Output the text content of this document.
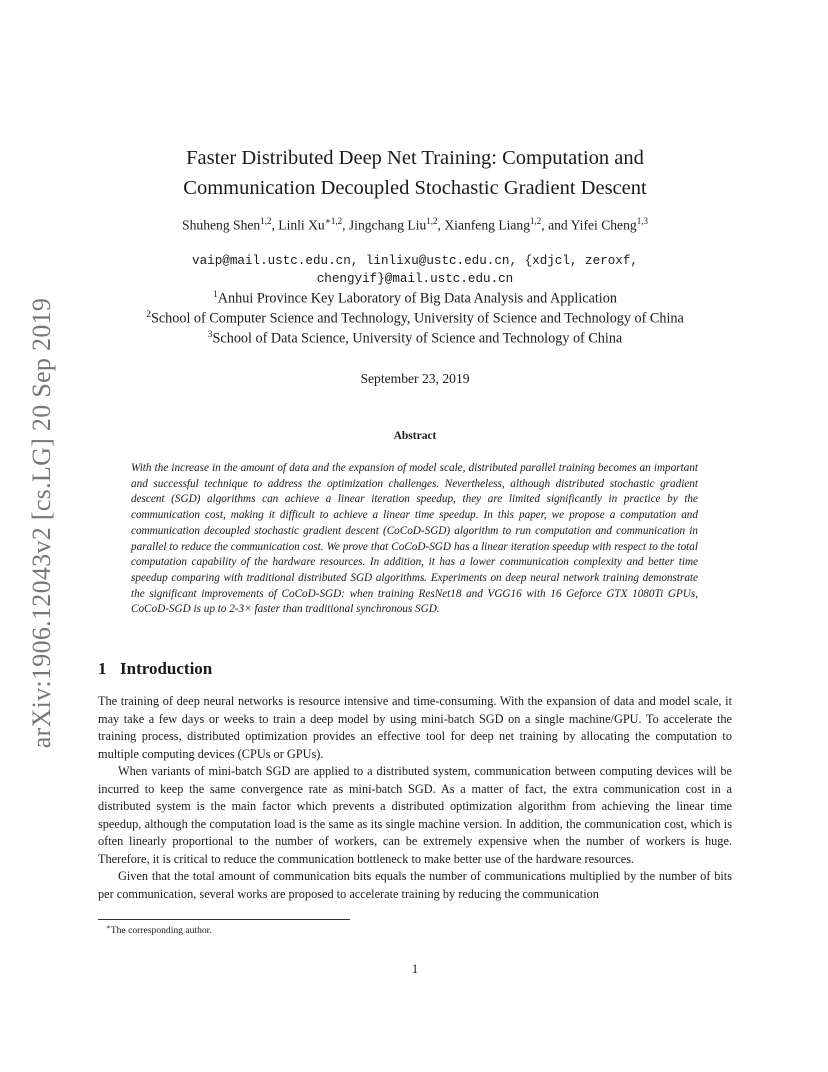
arXiv:1906.12043v2 [cs.LG] 20 Sep 2019
Faster Distributed Deep Net Training: Computation and
Communication Decoupled Stochastic Gradient Descent
Shuheng Shen$^{1,2}$, Linli $Xu^{∗1,2}$, Jingchang Liu$^{1,2}$, Xianfeng Liang$^{1,2}$, and Yifei Cheng$^{1,3}$
vaip@mail.ustc.edu.cn, linlixu@ustc.edu.cn, {xdjcl, zeroxf,
chengyif}@mail.ustc.edu.cn
$^1$Anhui Province Key Laboratory of Big Data Analysis and Application
$^2$School of Computer Science and Technology, University of Science and Technology of China
$^3$School of Data Science, University of Science and Technology of China
September 23, 2019
Abstract

With the increase in the amount of data and the expansion of model scale, distributed parallel training becomes an important and successful technique to address the optimization challenges. Nevertheless, although distributed stochastic gradient descent (SGD) algorithms can achieve a linear iteration speedup, they are limited significantly in practice by the communication cost, making it difficult to achieve a linear time speedup. In this paper, we propose a computation and communication decoupled stochastic gradient descent (CoCoD-SGD) algorithm to run computation and communication in parallel to reduce the communication cost. We prove that CoCoD-SGD has a linear iteration speedup with respect to the total computation capability of the hardware resources. In addition, it has a lower communication complexity and better time speedup comparing with traditional distributed SGD algorithms. Experiments on deep neural network training demonstrate the significant improvements of CoCoD-SGD: when training ResNet18 and VGG16 with 16 Geforce GTX 1080Ti GPUs, CoCoD-SGD is up to 2-3× faster than traditional synchronous SGD.

1 Introduction

The training of deep neural networks is resource intensive and time-consuming. With the expansion of data and model scale, it may take a few days or weeks to train a deep model by using mini-batch SGD on a single machine/GPU. To accelerate the training process, distributed optimization provides an effective tool for deep net training by allocating the computation to multiple computing devices (CPUs or GPUs).

When variants of mini-batch SGD are applied to a distributed system, communication between computing devices will be incurred to keep the same convergence rate as mini-batch SGD. As a matter of fact, the extra communication cost in a distributed system is the main factor which prevents a distributed optimization algorithm from achieving the linear time speedup, although the computation load is the same as its single machine version. In addition, the communication cost, which is often linearly proportional to the number of workers, can be extremely expensive when the number of workers is huge. Therefore, it is critical to reduce the communication bottleneck to make better use of the hardware resources.

Given that the total amount of communication bits equals the number of communications multiplied by the number of bits per communication, several works are proposed to accelerate training by reducing the communication

∗The corresponding author.
1
